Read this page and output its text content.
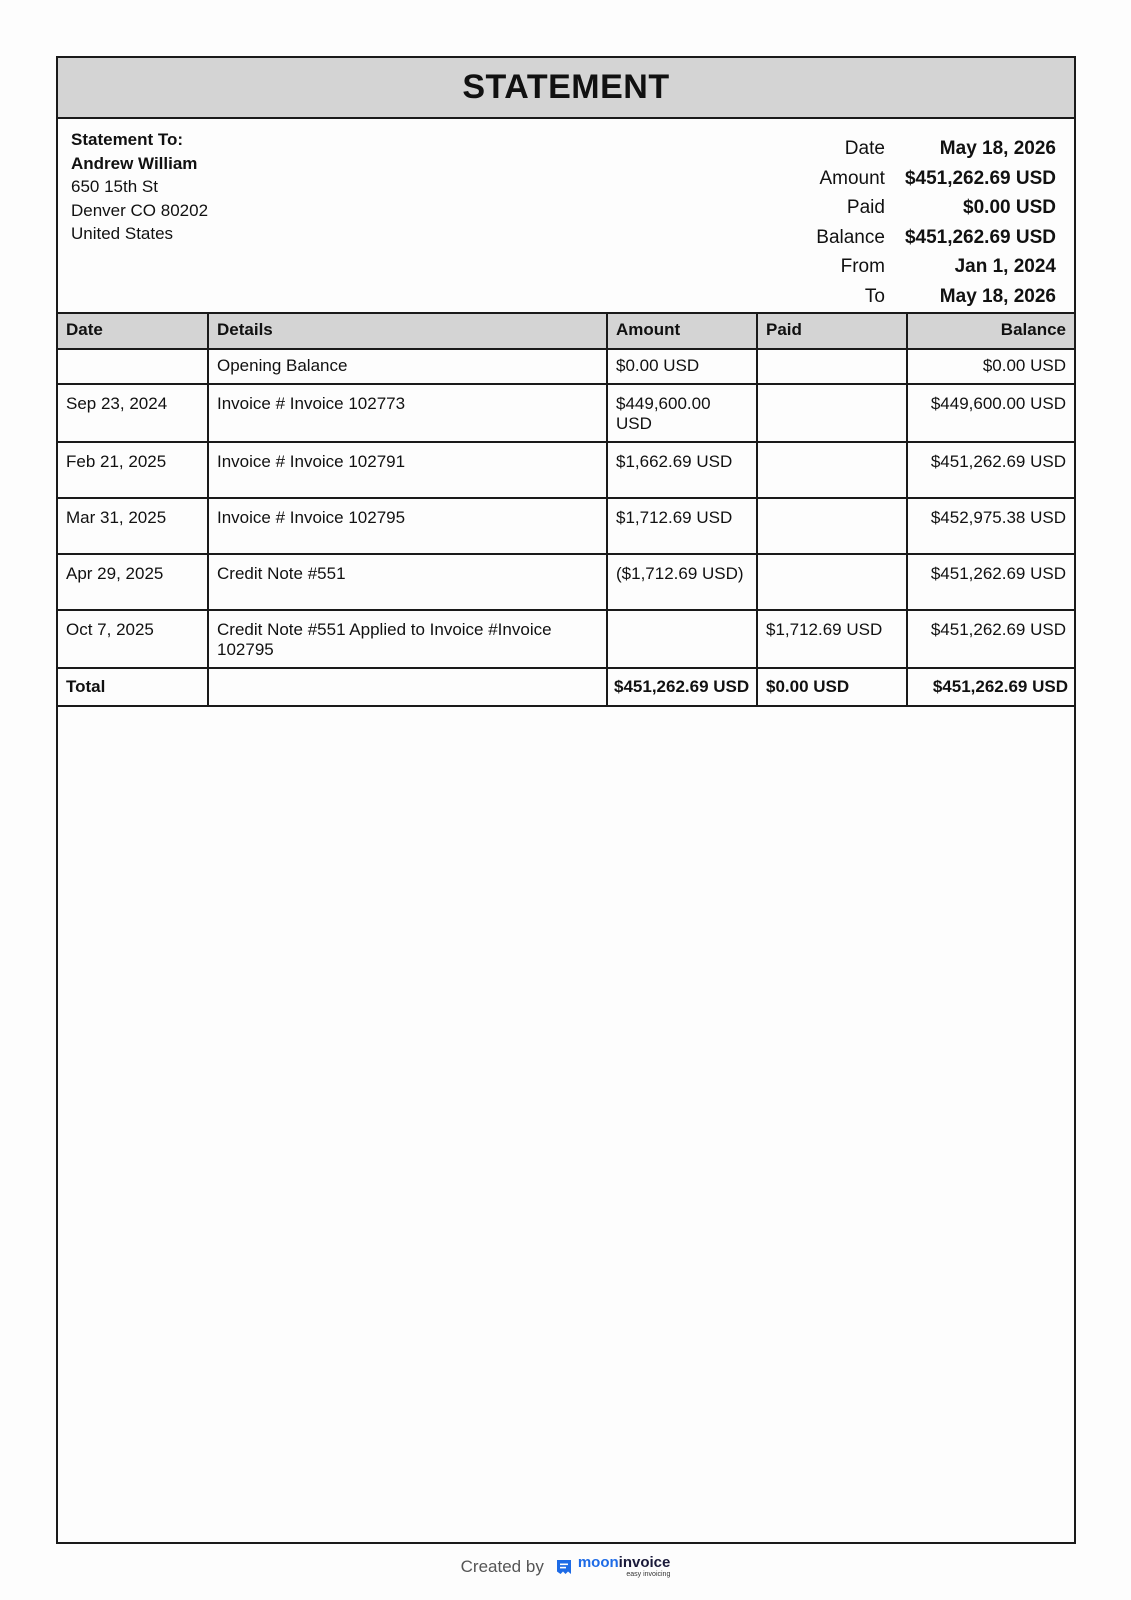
STATEMENT
Statement To:
Andrew William
650 15th St
Denver CO 80202
United States
Date	May 18, 2026
Amount	$451,262.69 USD
Paid	$0.00 USD
Balance	$451,262.69 USD
From	Jan 1, 2024
To	May 18, 2026
Date	Details	Amount	Paid	Balance
	Opening Balance	$0.00 USD		$0.00 USD
Sep 23, 2024	Invoice # Invoice 102773	$449,600.00 USD		$449,600.00 USD
Feb 21, 2025	Invoice # Invoice 102791	$1,662.69 USD		$451,262.69 USD
Mar 31, 2025	Invoice # Invoice 102795	$1,712.69 USD		$452,975.38 USD
Apr 29, 2025	Credit Note #551	($1,712.69 USD)		$451,262.69 USD
Oct 7, 2025	Credit Note #551 Applied to Invoice #Invoice 102795		$1,712.69 USD	$451,262.69 USD
Total		$451,262.69 USD	$0.00 USD	$451,262.69 USD
Created by mooninvoice
easy invoicing
